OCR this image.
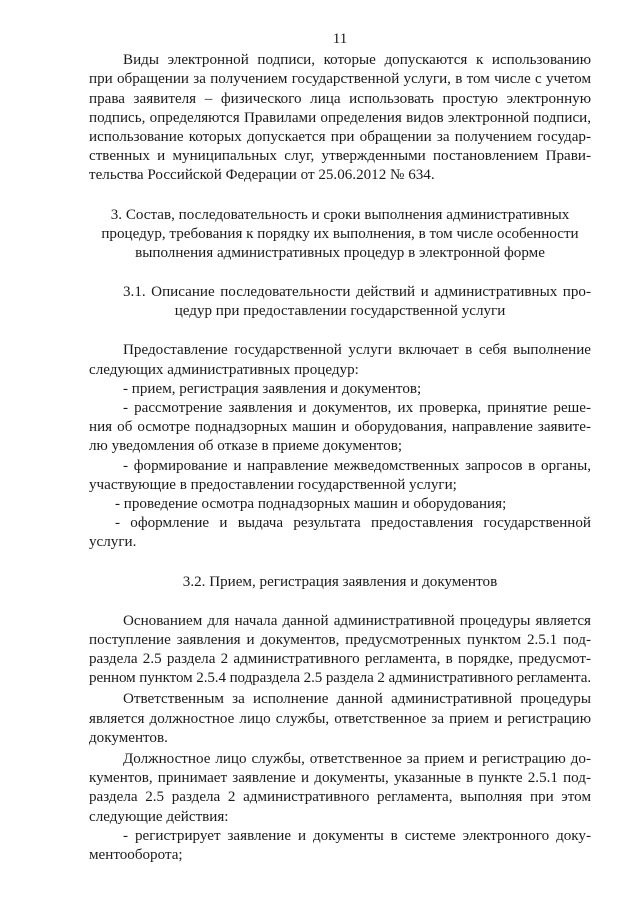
11
Виды электронной подписи, которые допускаются к использованию
при обращении за получением государственной услуги, в том числе с учетом
права заявителя – физического лица использовать простую электронную
подпись, определяются Правилами определения видов электронной подписи,
использование которых допускается при обращении за получением государ-
ственных и муниципальных слуг, утвержденными постановлением Прави-
тельства Российской Федерации от 25.06.2012 № 634.
3. Состав, последовательность и сроки выполнения административных
процедур, требования к порядку их выполнения, в том числе особенности
выполнения административных процедур в электронной форме
3.1. Описание последовательности действий и административных про-
цедур при предоставлении государственной услуги
Предоставление государственной услуги включает в себя выполнение
следующих административных процедур:
- прием, регистрация заявления и документов;
- рассмотрение заявления и документов, их проверка, принятие реше-
ния об осмотре поднадзорных машин и оборудования, направление заявите-
лю уведомления об отказе в приеме документов;
- формирование и направление межведомственных запросов в органы,
участвующие в предоставлении государственной услуги;
- проведение осмотра поднадзорных машин и оборудования;
- оформление и выдача результата предоставления государственной
услуги.
3.2. Прием, регистрация заявления и документов
Основанием для начала данной административной процедуры является
поступление заявления и документов, предусмотренных пунктом 2.5.1 под-
раздела 2.5 раздела 2 административного регламента, в порядке, предусмот-
ренном пунктом 2.5.4 подраздела 2.5 раздела 2 административного регламента.
Ответственным за исполнение данной административной процедуры
является должностное лицо службы, ответственное за прием и регистрацию
документов.
Должностное лицо службы, ответственное за прием и регистрацию до-
кументов, принимает заявление и документы, указанные в пункте 2.5.1 под-
раздела 2.5 раздела 2 административного регламента, выполняя при этом
следующие действия:
- регистрирует заявление и документы в системе электронного доку-
ментооборота;
